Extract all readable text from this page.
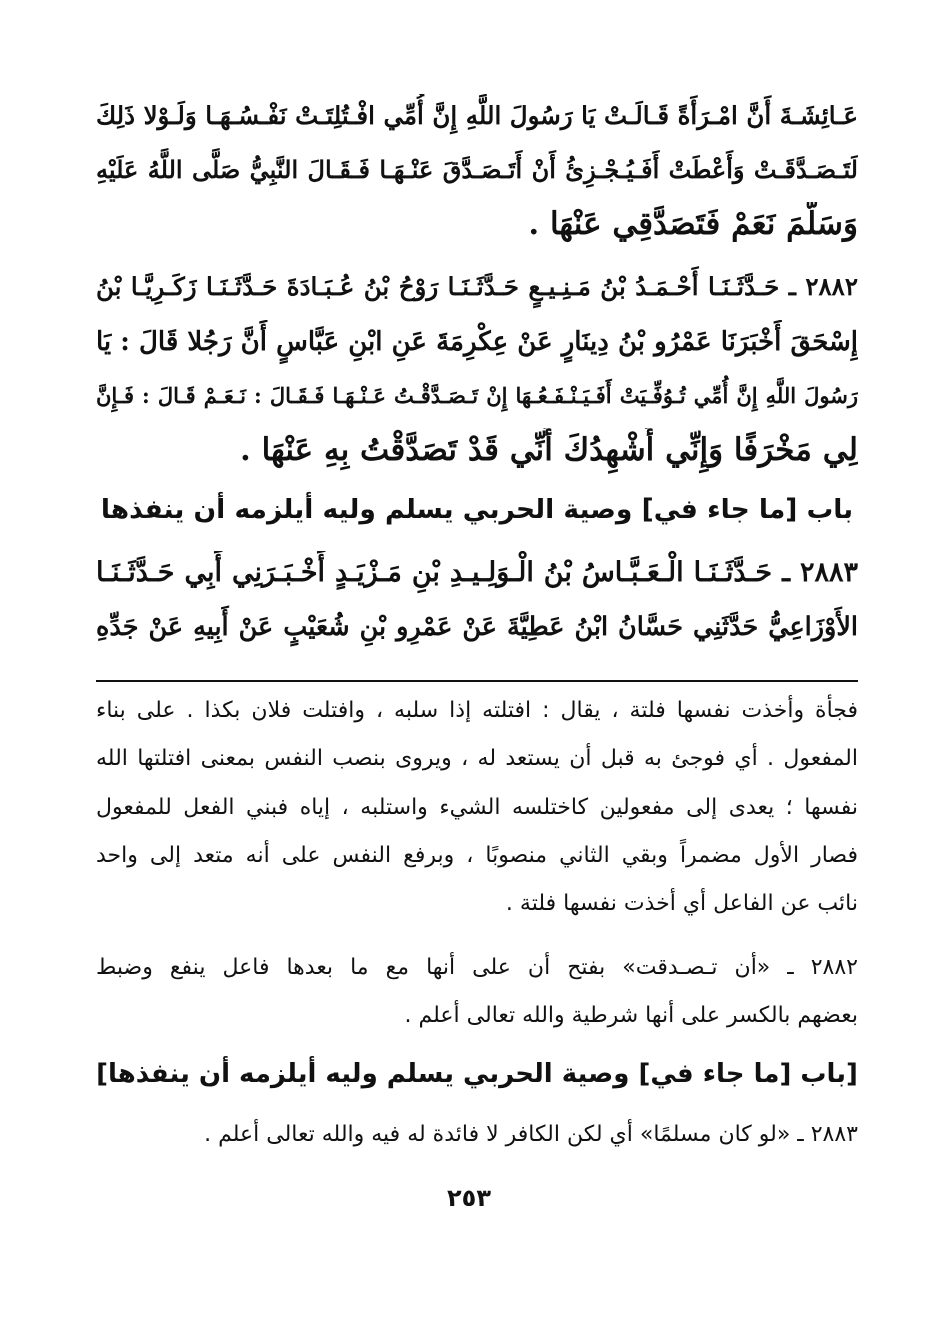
عَـائِشَـةَ أَنَّ امْـرَأَةً قَـالَـتْ يَا رَسُولَ اللَّهِ إِنَّ أُمِّي افْـتُلِتَـتْ نَفْـسُـهَـا وَلَـوْلا ذَلِكَ
لَتَـصَـدَّقَـتْ وَأَعْطَتْ أَفَـيُـجْـزِئُ أَنْ أَتَـصَـدَّقَ عَنْـهَـا فَـقَـالَ النَّبِيُّ صَلَّى اللَّهُ عَلَيْهِ
وَسَلَّمَ نَعَمْ فَتَصَدَّقِي عَنْهَا .
٢٨٨٢ ـ حَـدَّثَـنَـا أَحْـمَـدُ بْنُ مَـنِـيـعٍ حَـدَّثَـنَـا رَوْحُ بْنُ عُـبَـادَةَ حَـدَّثَـنَـا زَكَـرِيَّـا بْنُ
إِسْحَقَ أَخْبَرَنَا عَمْرُو بْنُ دِينَارٍ عَنْ عِكْرِمَةَ عَنِ ابْنِ عَبَّاسٍ أَنَّ رَجُلا قَالَ : يَا
رَسُولَ اللَّهِ إِنَّ أُمِّي تُـوُفِّـيَتْ أَفَـيَـنْـفَـعُـهَا إِنْ تَـصَـدَّقْـتُ عَـنْـهَـا فَـقَـالَ : نَـعَـمْ قَـالَ : فَـإِنَّ
لِي مَخْرَفًا وَإِنِّي أُشْهِدُكَ أَنِّي قَدْ تَصَدَّقْتُ بِهِ عَنْهَا .
باب [ما جاء في] وصية الحربي يسلم وليه أيلزمه أن ينفذها
٢٨٨٣ ـ حَـدَّثَـنَـا الْـعَـبَّـاسُ بْنُ الْـوَلِـيـدِ بْنِ مَـزْيَـدٍ أَخْـبَـرَنِي أَبِي حَـدَّثَـنَـا
الأَوْزَاعِيُّ حَدَّثَنِي حَسَّانُ ابْنُ عَطِيَّةَ عَنْ عَمْرِو بْنِ شُعَيْبٍ عَنْ أَبِيهِ عَنْ جَدِّهِ
فجأة وأخذت نفسها فلتة ، يقال : افتلته إذا سلبه ، وافتلت فلان بكذا . على بناء
المفعول . أي فوجئ به قبل أن يستعد له ، ويروى بنصب النفس بمعنى افتلتها الله
نفسها ؛ يعدى إلى مفعولين كاختلسه الشيء واستلبه ، إياه فبني الفعل للمفعول
فصار الأول مضمراً وبقي الثاني منصوبًا ، وبرفع النفس على أنه متعد إلى واحد
نائب عن الفاعل أي أخذت نفسها فلتة .
٢٨٨٢ ـ «أن تـصـدقت» بفتح أن على أنها مع ما بعدها فاعل ينفع وضبط
بعضهم بالكسر على أنها شرطية والله تعالى أعلم .
[باب [ما جاء في] وصية الحربي يسلم وليه أيلزمه أن ينفذها]
٢٨٨٣ ـ «لو كان مسلمًا» أي لكن الكافر لا فائدة له فيه والله تعالى أعلم .
٢٥٣
